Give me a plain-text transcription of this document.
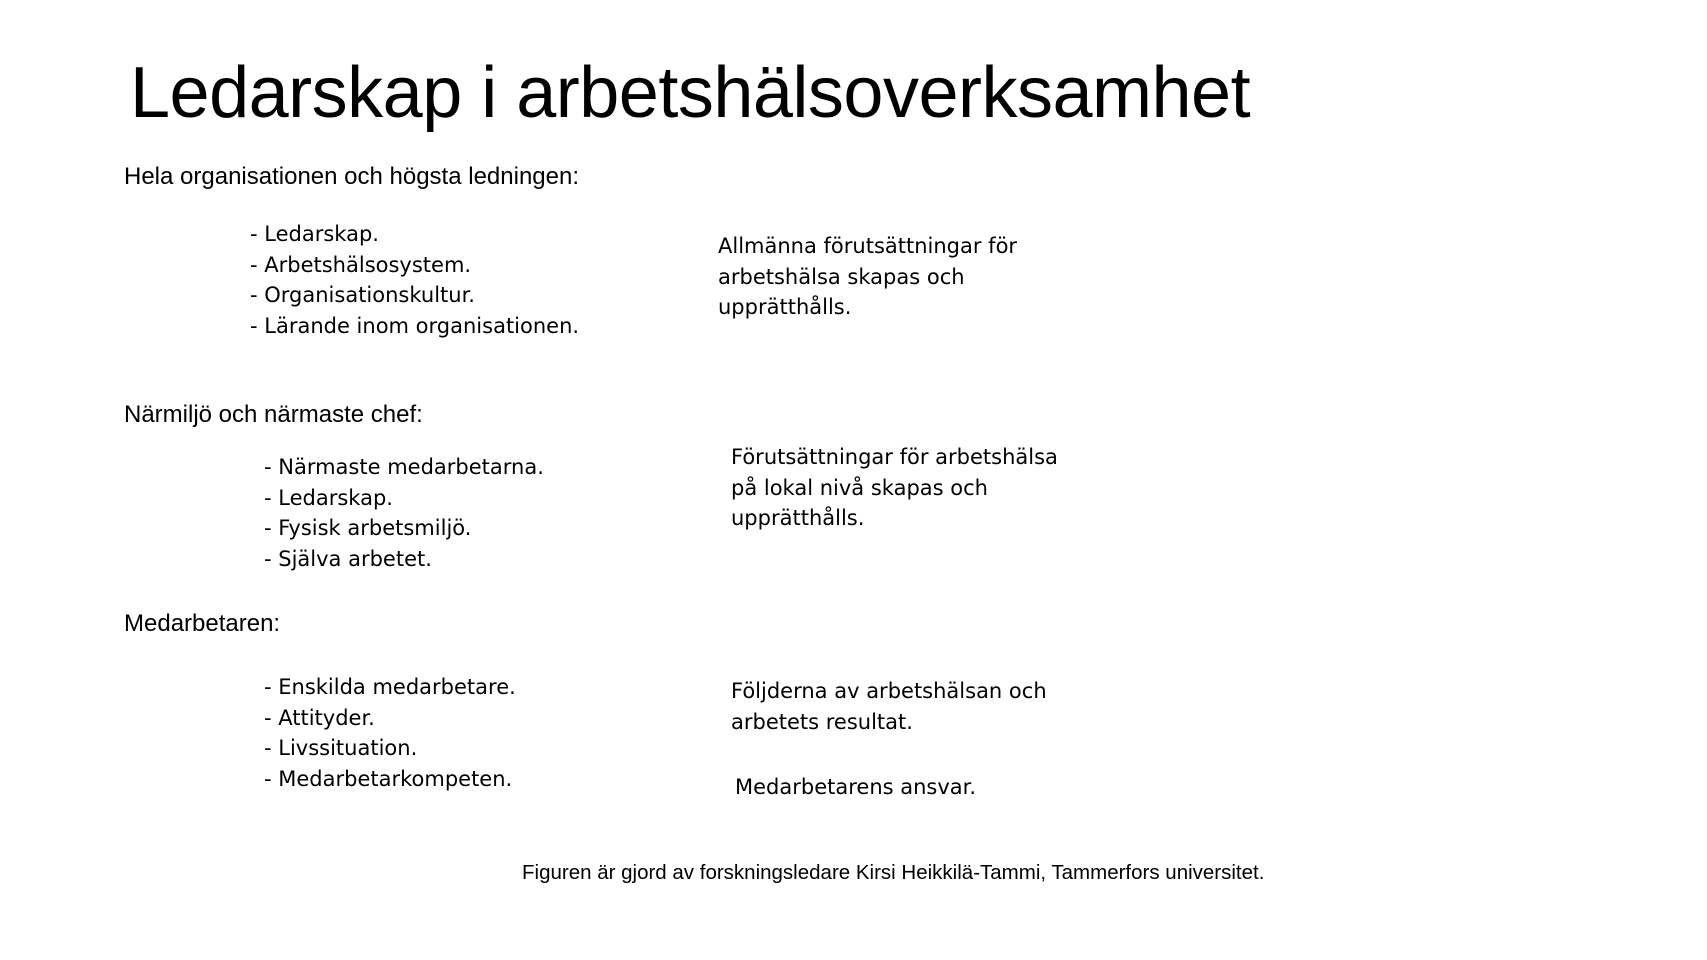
Ledarskap i arbetshälsoverksamhet
Hela organisationen och högsta ledningen:
- Ledarskap.
- Arbetshälsosystem.
- Organisationskultur.
- Lärande inom organisationen.
Allmänna förutsättningar för
arbetshälsa skapas och
upprätthålls.
Närmiljö och närmaste chef:
- Närmaste medarbetarna.
- Ledarskap.
- Fysisk arbetsmiljö.
- Själva arbetet.
Förutsättningar för arbetshälsa
på lokal nivå skapas och
upprätthålls.
Medarbetaren:
- Enskilda medarbetare.
- Attityder.
- Livssituation.
- Medarbetarkompeten.
Följderna av arbetshälsan och
arbetets resultat.
Medarbetarens ansvar.
Figuren är gjord av forskningsledare Kirsi Heikkilä-Tammi, Tammerfors universitet.
